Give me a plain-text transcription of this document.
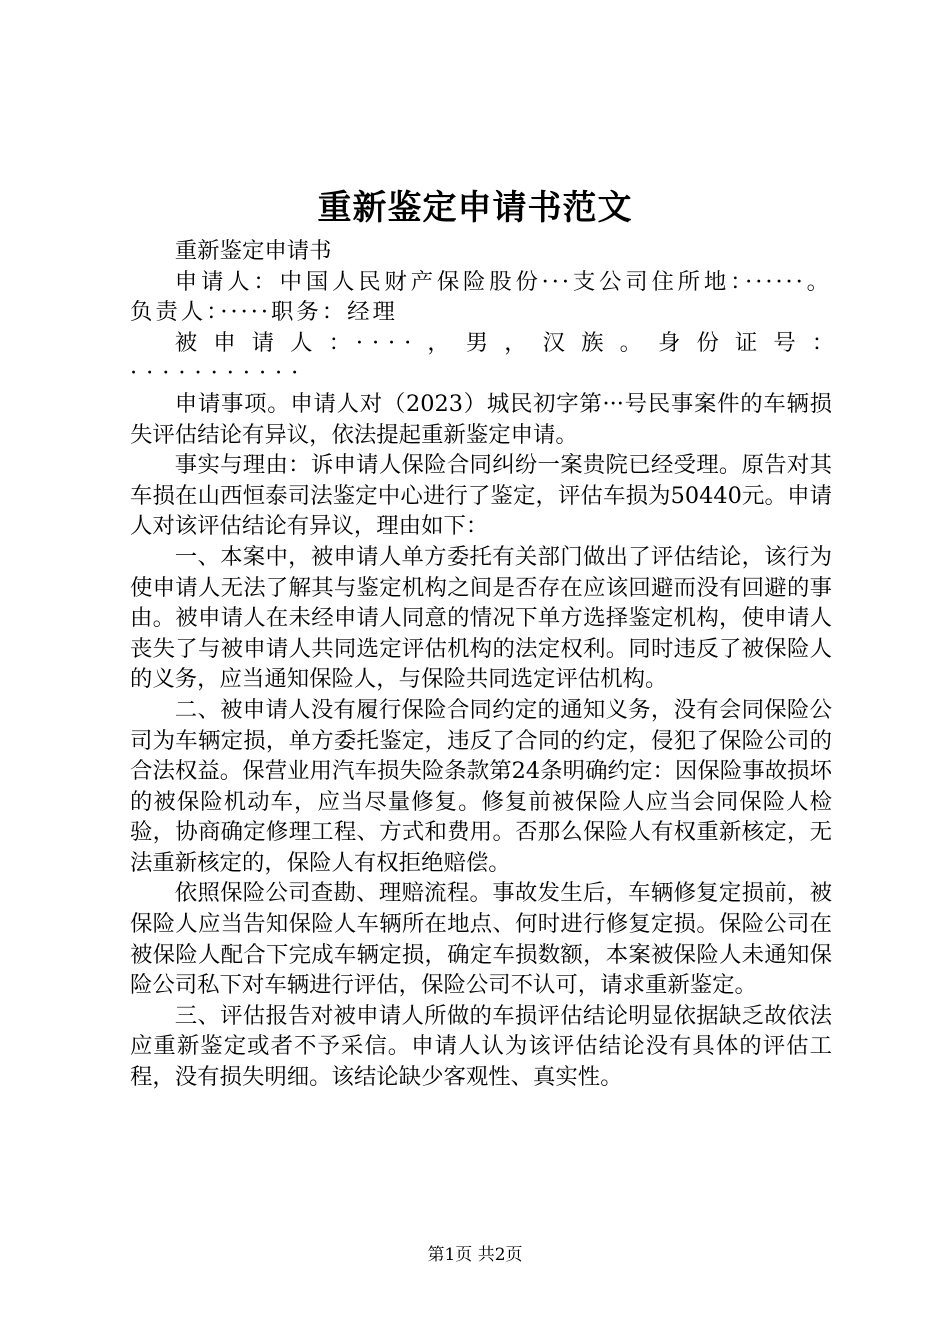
重新鉴定申请书范文

重新鉴定申请书

申请人：中国人民财产保险股份···支公司住所地：······。负责人：·····职务：经理

被申请人：····，男，汉族。身份证号：···········

申请事项。申请人对（2023）城民初字第···号民事案件的车辆损失评估结论有异议，依法提起重新鉴定申请。

事实与理由：诉申请人保险合同纠纷一案贵院已经受理。原告对其车损在山西恒泰司法鉴定中心进行了鉴定，评估车损为50440元。申请人对该评估结论有异议，理由如下：

一、本案中，被申请人单方委托有关部门做出了评估结论，该行为使申请人无法了解其与鉴定机构之间是否存在应该回避而没有回避的事由。被申请人在未经申请人同意的情况下单方选择鉴定机构，使申请人丧失了与被申请人共同选定评估机构的法定权利。同时违反了被保险人的义务，应当通知保险人，与保险共同选定评估机构。

二、被申请人没有履行保险合同约定的通知义务，没有会同保险公司为车辆定损，单方委托鉴定，违反了合同的约定，侵犯了保险公司的合法权益。保营业用汽车损失险条款第24条明确约定：因保险事故损坏的被保险机动车，应当尽量修复。修复前被保险人应当会同保险人检验，协商确定修理工程、方式和费用。否那么保险人有权重新核定，无法重新核定的，保险人有权拒绝赔偿。

依照保险公司查勘、理赔流程。事故发生后，车辆修复定损前，被保险人应当告知保险人车辆所在地点、何时进行修复定损。保险公司在被保险人配合下完成车辆定损，确定车损数额，本案被保险人未通知保险公司私下对车辆进行评估，保险公司不认可，请求重新鉴定。

三、评估报告对被申请人所做的车损评估结论明显依据缺乏故依法应重新鉴定或者不予采信。申请人认为该评估结论没有具体的评估工程，没有损失明细。该结论缺少客观性、真实性。

第1页 共2页
